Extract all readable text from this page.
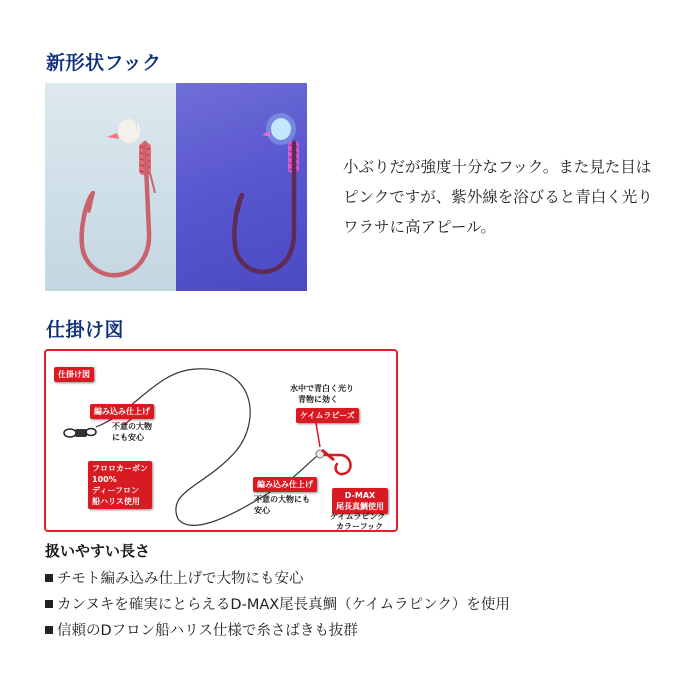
新形状フック

小ぶりだが強度十分なフック。また見た目はピンクですが、紫外線を浴びると青白く光りワラサに高アピール。

仕掛け図
仕掛け図
編み込み仕上げ
不意の大物
にも安心
フロロカーボン
100%
ディーフロン
船ハリス使用
水中で青白く光り
青物に効く
ケイムラビーズ
編み込み仕上げ
不意の大物にも
安心
D-MAX
尾長真鯛使用
ケイムラピンク
カラーフック
扱いやすい長さ
チモト編み込み仕上げで大物にも安心
カンヌキを確実にとらえるD-MAX尾長真鯛（ケイムラピンク）を使用
信頼のDフロン船ハリス仕様で糸さばきも抜群
